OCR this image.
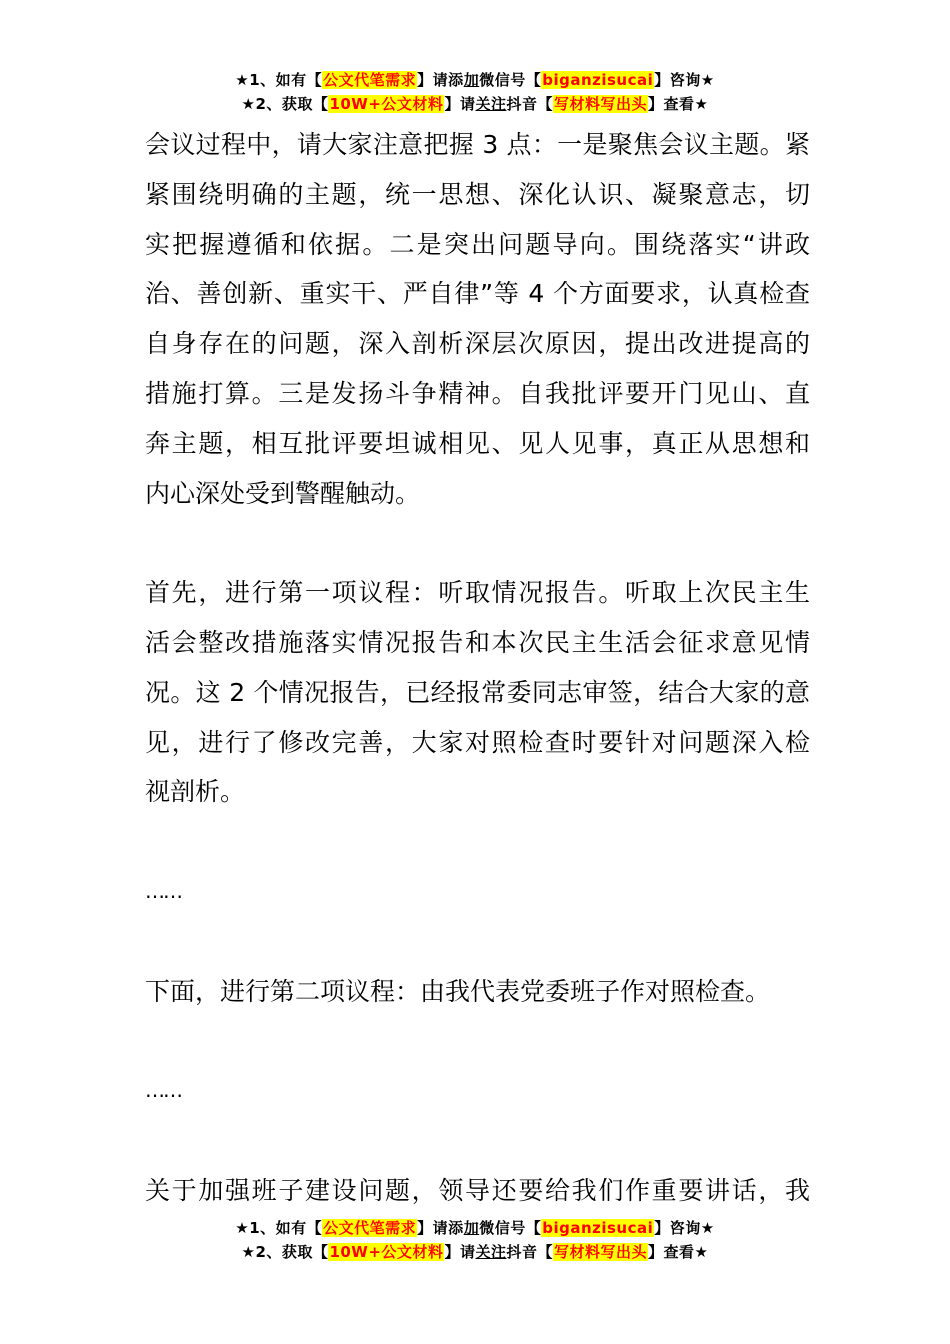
★1、如有【公文代笔需求】请添加微信号【biganzisucai】咨询★
★2、获取【10W+公文材料】请关注抖音【写材料写出头】查看★
会议过程中，请大家注意把握 3 点：一是聚焦会议主题。紧
紧围绕明确的主题，统一思想、深化认识、凝聚意志，切
实把握遵循和依据。二是突出问题导向。围绕落实“讲政
治、善创新、重实干、严自律”等 4 个方面要求，认真检查
自身存在的问题，深入剖析深层次原因，提出改进提高的
措施打算。三是发扬斗争精神。自我批评要开门见山、直
奔主题，相互批评要坦诚相见、见人见事，真正从思想和
内心深处受到警醒触动。
首先，进行第一项议程：听取情况报告。听取上次民主生
活会整改措施落实情况报告和本次民主生活会征求意见情
况。这 2 个情况报告，已经报常委同志审签，结合大家的意
见，进行了修改完善，大家对照检查时要针对问题深入检
视剖析。
……
下面，进行第二项议程：由我代表党委班子作对照检查。
……
关于加强班子建设问题，领导还要给我们作重要讲话，我
★1、如有【公文代笔需求】请添加微信号【biganzisucai】咨询★
★2、获取【10W+公文材料】请关注抖音【写材料写出头】查看★
